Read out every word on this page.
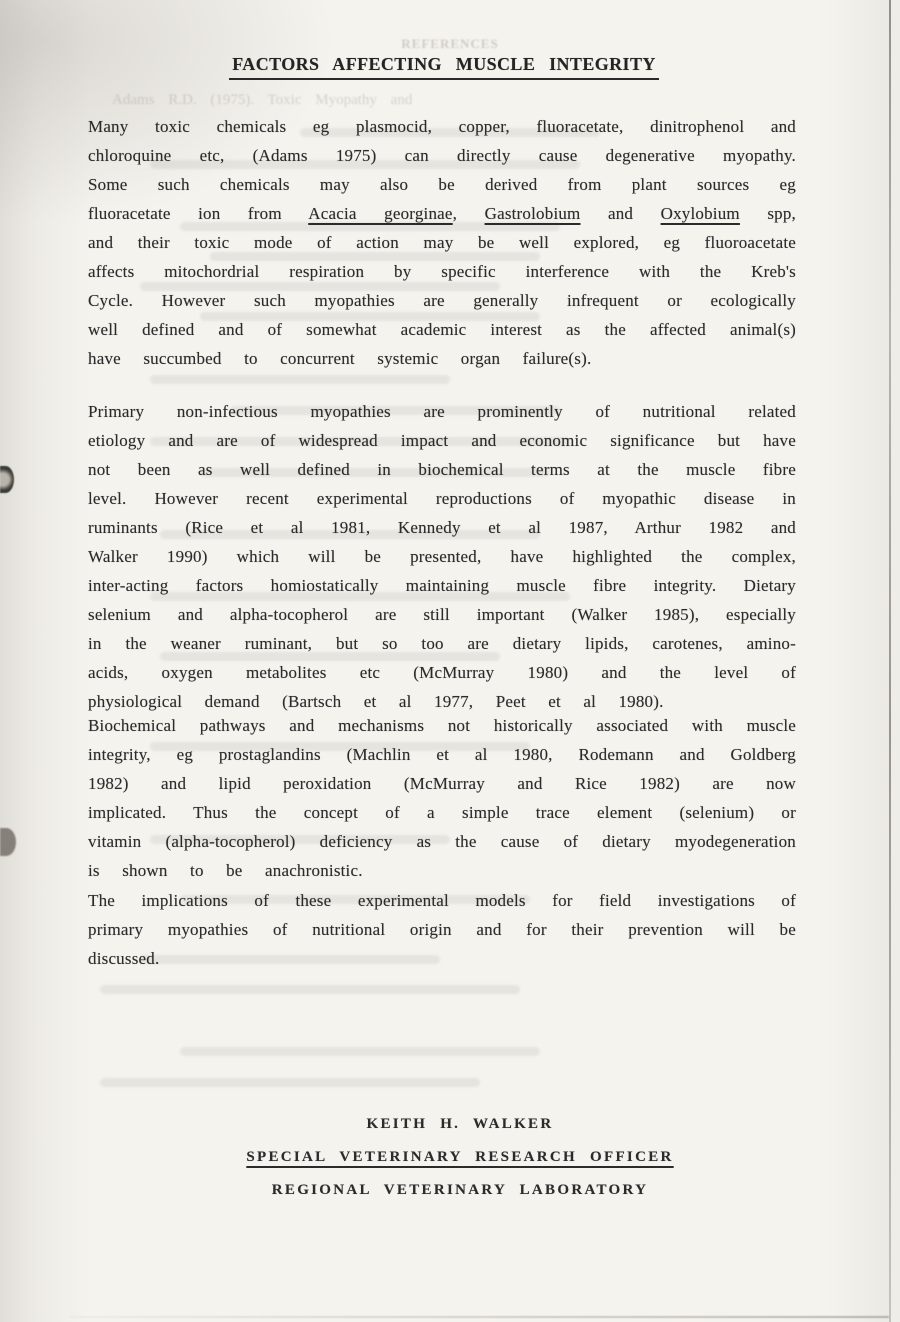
REFERENCES
Adams R.D. (1975). Toxic Myopathy and
FACTORS AFFECTING MUSCLE INTEGRITY

Many toxic chemicals eg plasmocid, copper, fluoracetate, dinitrophenol and chloroquine etc, (Adams 1975) can directly cause degenerative myopathy. Some such chemicals may also be derived from plant sources eg fluoracetate ion from Acacia georginae, Gastrolobium and Oxylobium spp, and their toxic mode of action may be well explored, eg fluoroacetate affects mitochordrial respiration by specific interference with the Kreb's Cycle. However such myopathies are generally infrequent or ecologically well defined and of somewhat academic interest as the affected animal(s) have succumbed to concurrent systemic organ failure(s).

Primary non-infectious myopathies are prominently of nutritional related etiology and are of widespread impact and economic significance but have not been as well defined in biochemical terms at the muscle fibre level. However recent experimental reproductions of myopathic disease in ruminants (Rice et al 1981, Kennedy et al 1987, Arthur 1982 and Walker 1990) which will be presented, have highlighted the complex, inter-acting factors homiostatically maintaining muscle fibre integrity. Dietary selenium and alpha-tocopherol are still important (Walker 1985), especially in the weaner ruminant, but so too are dietary lipids, carotenes, amino-acids, oxygen metabolites etc (McMurray 1980) and the level of physiological demand (Bartsch et al 1977, Peet et al 1980).

Biochemical pathways and mechanisms not historically associated with muscle integrity, eg prostaglandins (Machlin et al 1980, Rodemann and Goldberg 1982) and lipid peroxidation (McMurray and Rice 1982) are now implicated. Thus the concept of a simple trace element (selenium) or vitamin (alpha-tocopherol) deficiency as the cause of dietary myodegeneration is shown to be anachronistic.

The implications of these experimental models for field investigations of primary myopathies of nutritional origin and for their prevention will be discussed.

KEITH H. WALKER
SPECIAL VETERINARY RESEARCH OFFICER
REGIONAL VETERINARY LABORATORY
